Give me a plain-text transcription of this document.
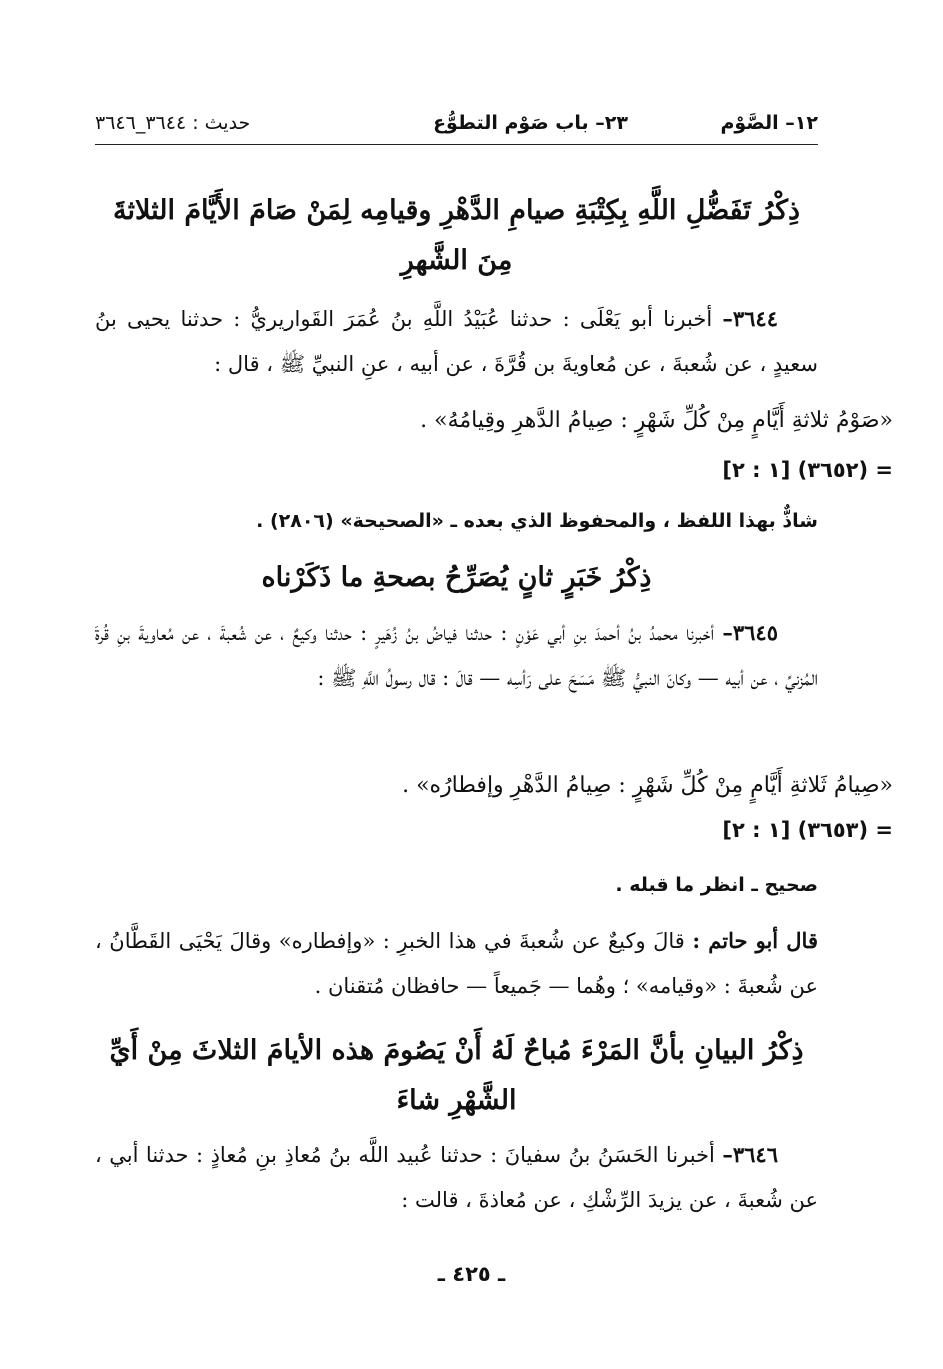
١٢– الصَّوْم
٢٣– باب صَوْم التطوُّع
حديث : ٣٦٤٤_٣٦٤٦

ذِكْرُ تَفَضُّلِ اللَّهِ بِكِتْبَةِ صيامِ الدَّهْرِ وقيامِه لِمَنْ صَامَ الأَيَّامَ الثلاثةَ مِنَ الشَّهرِ

٣٦٤٤– أخبرنا أبو يَعْلَى : حدثنا عُبَيْدُ اللَّهِ بنُ عُمَرَ القَواريريُّ : حدثنا يحيى بنُ سعيدٍ ، عن شُعبةَ ، عن مُعاويةَ بن قُرَّةَ ، عن أبيه ، عنِ النبيِّ ﷺ ، قال :

«صَوْمُ ثلاثةِ أَيَّامٍ مِنْ كُلِّ شَهْرٍ : صِيامُ الدَّهرِ وقِيامُهُ» .

= (٣٦٥٢) [١ : ٢]

شاذٌّ بهذا اللفظ ، والمحفوظ الذي بعده ـ «الصحيحة» (٢٨٠٦) .

ذِكْرُ خَبَرٍ ثانٍ يُصَرِّحُ بصحةِ ما ذَكَرْناه

٣٦٤٥– أخبرنا محمدُ بنُ أحمدَ بنِ أبي عَوْنٍ : حدثنا فياضُ بنُ زُهَيرٍ : حدثنا وكيعٌ ، عن شُعبةَ ، عن مُعاويةَ بنِ قُرةَ المُزنيِّ ، عن أبيه — وكانَ النبيُّ ﷺ مَسَحَ على رَأسِه — قالَ : قال رسولُ اللَّهِ ﷺ :

«صِيامُ ثَلاثةِ أَيَّامٍ مِنْ كُلِّ شَهْرٍ : صِيامُ الدَّهْرِ وإفطارُه» .

= (٣٦٥٣) [١ : ٢]

صحيح ـ انظر ما قبله .

قال أبو حاتم : قالَ وكيعٌ عن شُعبةَ في هذا الخبرِ : «وإفطاره» وقالَ يَحْيَى القَطَّانُ ، عن شُعبةَ : «وقيامه» ؛ وهُما — جَميعاً — حافظان مُتقنان .

ذِكْرُ البيانِ بأنَّ المَرْءَ مُباحٌ لَهُ أَنْ يَصُومَ هذه الأيامَ الثلاثَ مِنْ أَيِّ الشَّهْرِ شاءَ

٣٦٤٦– أخبرنا الحَسَنُ بنُ سفيانَ : حدثنا عُبيد اللَّه بنُ مُعاذِ بنِ مُعاذٍ : حدثنا أبي ، عن شُعبةَ ، عن يزيدَ الرِّشْكِ ، عن مُعاذةَ ، قالت :

ـ ٤٢٥ ـ
